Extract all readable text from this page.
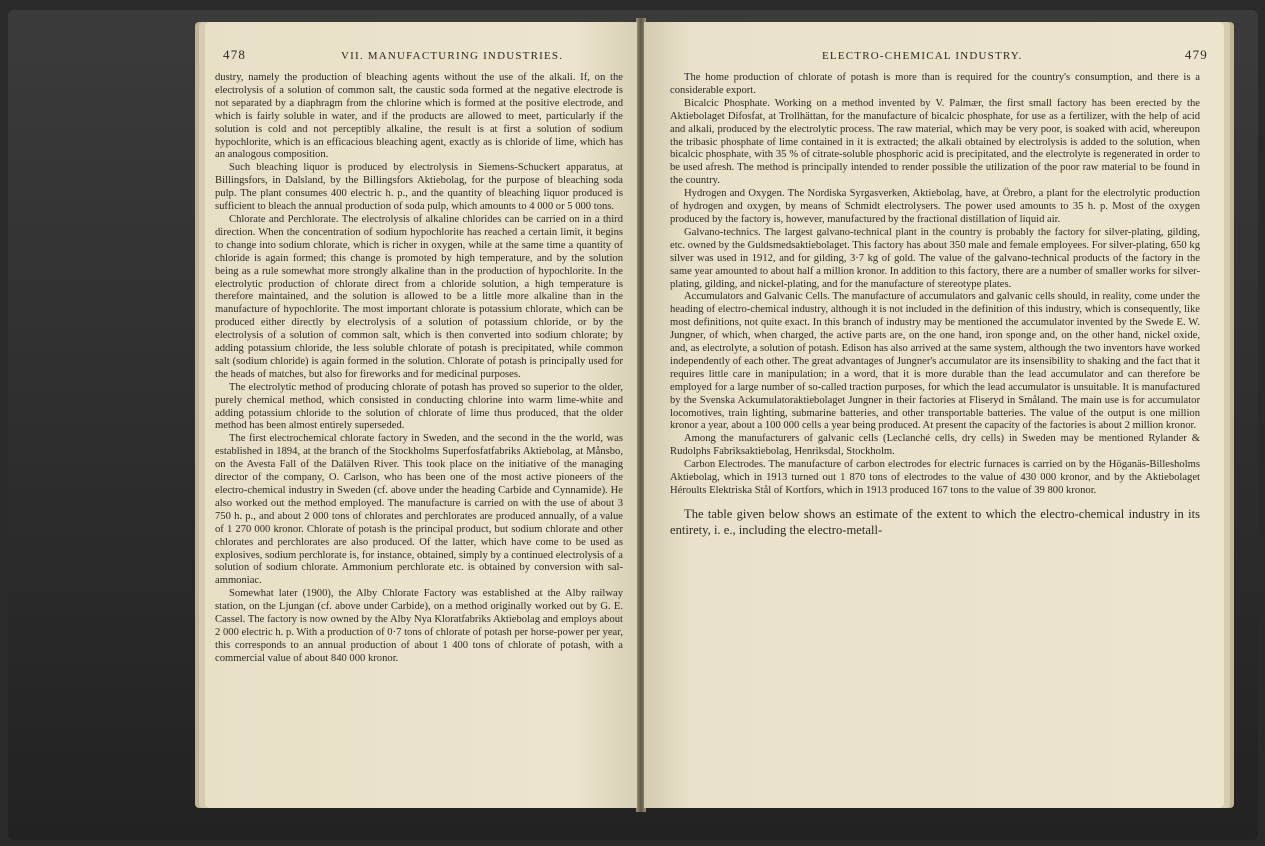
478	VII. MANUFACTURING INDUSTRIES.

dustry, namely the production of bleaching agents without the use of the alkali. If, on the electrolysis of a solution of common salt, the caustic soda formed at the negative electrode is not separated by a diaphragm from the chlorine which is formed at the positive electrode, and which is fairly soluble in water, and if the products are allowed to meet, particularly if the solution is cold and not perceptibly alkaline, the result is at first a solution of sodium hypochlorite, which is an efficacious bleaching agent, exactly as is chloride of lime, which has an analogous composition.

Such bleaching liquor is produced by electrolysis in Siemens-Schuckert apparatus, at Billingsfors, in Dalsland, by the Billingsfors Aktiebolag, for the purpose of bleaching soda pulp. The plant consumes 400 electric h. p., and the quantity of bleaching liquor produced is sufficient to bleach the annual production of soda pulp, which amounts to 4 000 or 5 000 tons.

Chlorate and Perchlorate. The electrolysis of alkaline chlorides can be carried on in a third direction. When the concentration of sodium hypochlorite has reached a certain limit, it begins to change into sodium chlorate, which is richer in oxygen, while at the same time a quantity of chloride is again formed; this change is promoted by high temperature, and by the solution being as a rule somewhat more strongly alkaline than in the production of hypochlorite. In the electrolytic production of chlorate direct from a chloride solution, a high temperature is therefore maintained, and the solution is allowed to be a little more alkaline than in the manufacture of hypochlorite. The most important chlorate is potassium chlorate, which can be produced either directly by electrolysis of a solution of potassium chloride, or by the electrolysis of a solution of common salt, which is then converted into sodium chlorate; by adding potassium chloride, the less soluble chlorate of potash is precipitated, while common salt (sodium chloride) is again formed in the solution. Chlorate of potash is principally used for the heads of matches, but also for fireworks and for medicinal purposes.

The electrolytic method of producing chlorate of potash has proved so superior to the older, purely chemical method, which consisted in conducting chlorine into warm lime-white and adding potassium chloride to the solution of chlorate of lime thus produced, that the older method has been almost entirely superseded.

The first electrochemical chlorate factory in Sweden, and the second in the the world, was established in 1894, at the branch of the Stockholms Superfosfatfabriks Aktiebolag, at Månsbo, on the Avesta Fall of the Dalälven River. This took place on the initiative of the managing director of the company, O. Carlson, who has been one of the most active pioneers of the electro-chemical industry in Sweden (cf. above under the heading Carbide and Cynnamide). He also worked out the method employed. The manufacture is carried on with the use of about 3 750 h. p., and about 2 000 tons of chlorates and perchlorates are produced annually, of a value of 1 270 000 kronor. Chlorate of potash is the principal product, but sodium chlorate and other chlorates and perchlorates are also produced. Of the latter, which have come to be used as explosives, sodium perchlorate is, for instance, obtained, simply by a continued electrolysis of a solution of sodium chlorate. Ammonium perchlorate etc. is obtained by conversion with sal-ammoniac.

Somewhat later (1900), the Alby Chlorate Factory was established at the Alby railway station, on the Ljungan (cf. above under Carbide), on a method originally worked out by G. E. Cassel. The factory is now owned by the Alby Nya Kloratfabriks Aktiebolag and employs about 2 000 electric h. p. With a production of 0·7 tons of chlorate of potash per horse-power per year, this corresponds to an annual production of about 1 400 tons of chlorate of potash, with a commercial value of about 840 000 kronor.

ELECTRO-CHEMICAL INDUSTRY.	479

The home production of chlorate of potash is more than is required for the country's consumption, and there is a considerable export.

Bicalcic Phosphate. Working on a method invented by V. Palmær, the first small factory has been erected by the Aktiebolaget Difosfat, at Trollhättan, for the manufacture of bicalcic phosphate, for use as a fertilizer, with the help of acid and alkali, produced by the electrolytic process. The raw material, which may be very poor, is soaked with acid, whereupon the tribasic phosphate of lime contained in it is extracted; the alkali obtained by electrolysis is added to the solution, when bicalcic phosphate, with 35 % of citrate-soluble phosphoric acid is precipitated, and the electrolyte is regenerated in order to be used afresh. The method is principally intended to render possible the utilization of the poor raw material to be found in the country.

Hydrogen and Oxygen. The Nordiska Syrgasverken, Aktiebolag, have, at Örebro, a plant for the electrolytic production of hydrogen and oxygen, by means of Schmidt electrolysers. The power used amounts to 35 h. p. Most of the oxygen produced by the factory is, however, manufactured by the fractional distillation of liquid air.

Galvano-technics. The largest galvano-technical plant in the country is probably the factory for silver-plating, gilding, etc. owned by the Guldsmedsaktiebolaget. This factory has about 350 male and female employees. For silver-plating, 650 kg silver was used in 1912, and for gilding, 3·7 kg of gold. The value of the galvano-technical products of the factory in the same year amounted to about half a million kronor. In addition to this factory, there are a number of smaller works for silver-plating, gilding, and nickel-plating, and for the manufacture of stereotype plates.

Accumulators and Galvanic Cells. The manufacture of accumulators and galvanic cells should, in reality, come under the heading of electro-chemical industry, although it is not included in the definition of this industry, which is consequently, like most definitions, not quite exact. In this branch of industry may be mentioned the accumulator invented by the Swede E. W. Jungner, of which, when charged, the active parts are, on the one hand, iron sponge and, on the other hand, nickel oxide, and, as electrolyte, a solution of potash. Edison has also arrived at the same system, although the two inventors have worked independently of each other. The great advantages of Jungner's accumulator are its insensibility to shaking and the fact that it requires little care in manipulation; in a word, that it is more durable than the lead accumulator and can therefore be employed for a large number of so-called traction purposes, for which the lead accumulator is unsuitable. It is manufactured by the Svenska Ackumulatoraktiebolaget Jungner in their factories at Fliseryd in Småland. The main use is for accumulator locomotives, train lighting, submarine batteries, and other transportable batteries. The value of the output is one million kronor a year, about a 100 000 cells a year being produced. At present the capacity of the factories is about 2 million kronor.

Among the manufacturers of galvanic cells (Leclanché cells, dry cells) in Sweden may be mentioned Rylander & Rudolphs Fabriksaktiebolag, Henriksdal, Stockholm.

Carbon Electrodes. The manufacture of carbon electrodes for electric furnaces is carried on by the Höganäs-Billesholms Aktiebolag, which in 1913 turned out 1 870 tons of electrodes to the value of 430 000 kronor, and by the Aktiebolaget Héroults Elektriska Stål of Kortfors, which in 1913 produced 167 tons to the value of 39 800 kronor.

The table given below shows an estimate of the extent to which the electro-chemical industry in its entirety, i. e., including the electro-metall-
